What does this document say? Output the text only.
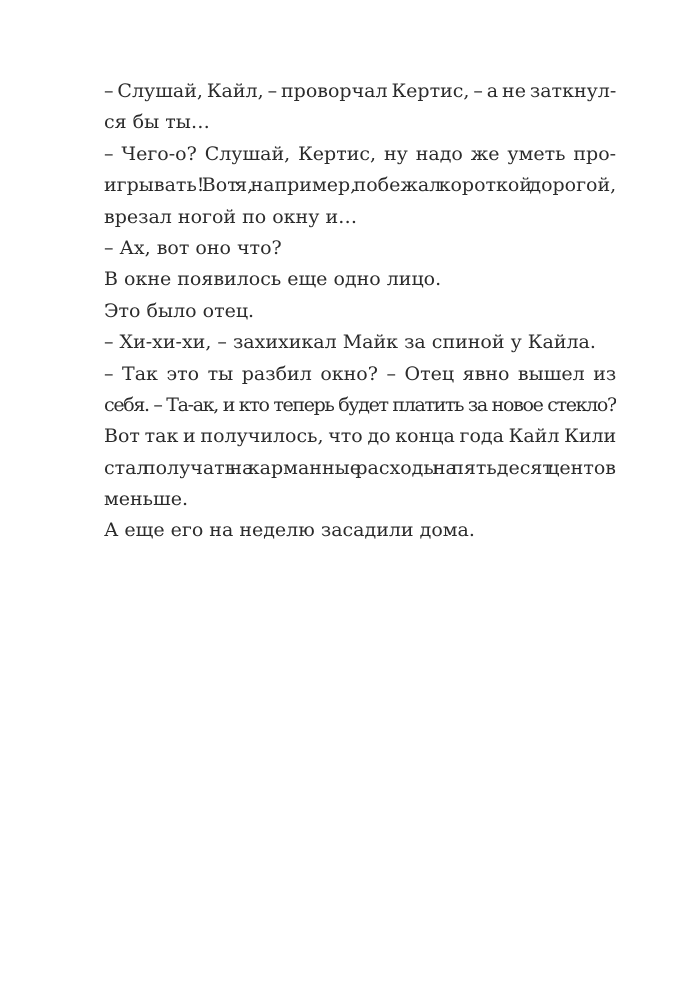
– Слушай, Кайл, – проворчал Кертис, – а не заткнул-
ся бы ты…
– Чего-о? Слушай, Кертис, ну надо же уметь про-
игрывать! Вот я, например, побежал короткой дорогой,
врезал ногой по окну и…
– Ах, вот оно что?
В окне появилось еще одно лицо.
Это было отец.
– Хи-хи-хи, – захихикал Майк за спиной у Кайла.
– Так это ты разбил окно? – Отец явно вышел из
себя. – Та-ак, и кто теперь будет платить за новое стекло?
Вот так и получилось, что до конца года Кайл Кили
стал получать на карманные расходы на пятьдесят центов
меньше.
А еще его на неделю засадили дома.
